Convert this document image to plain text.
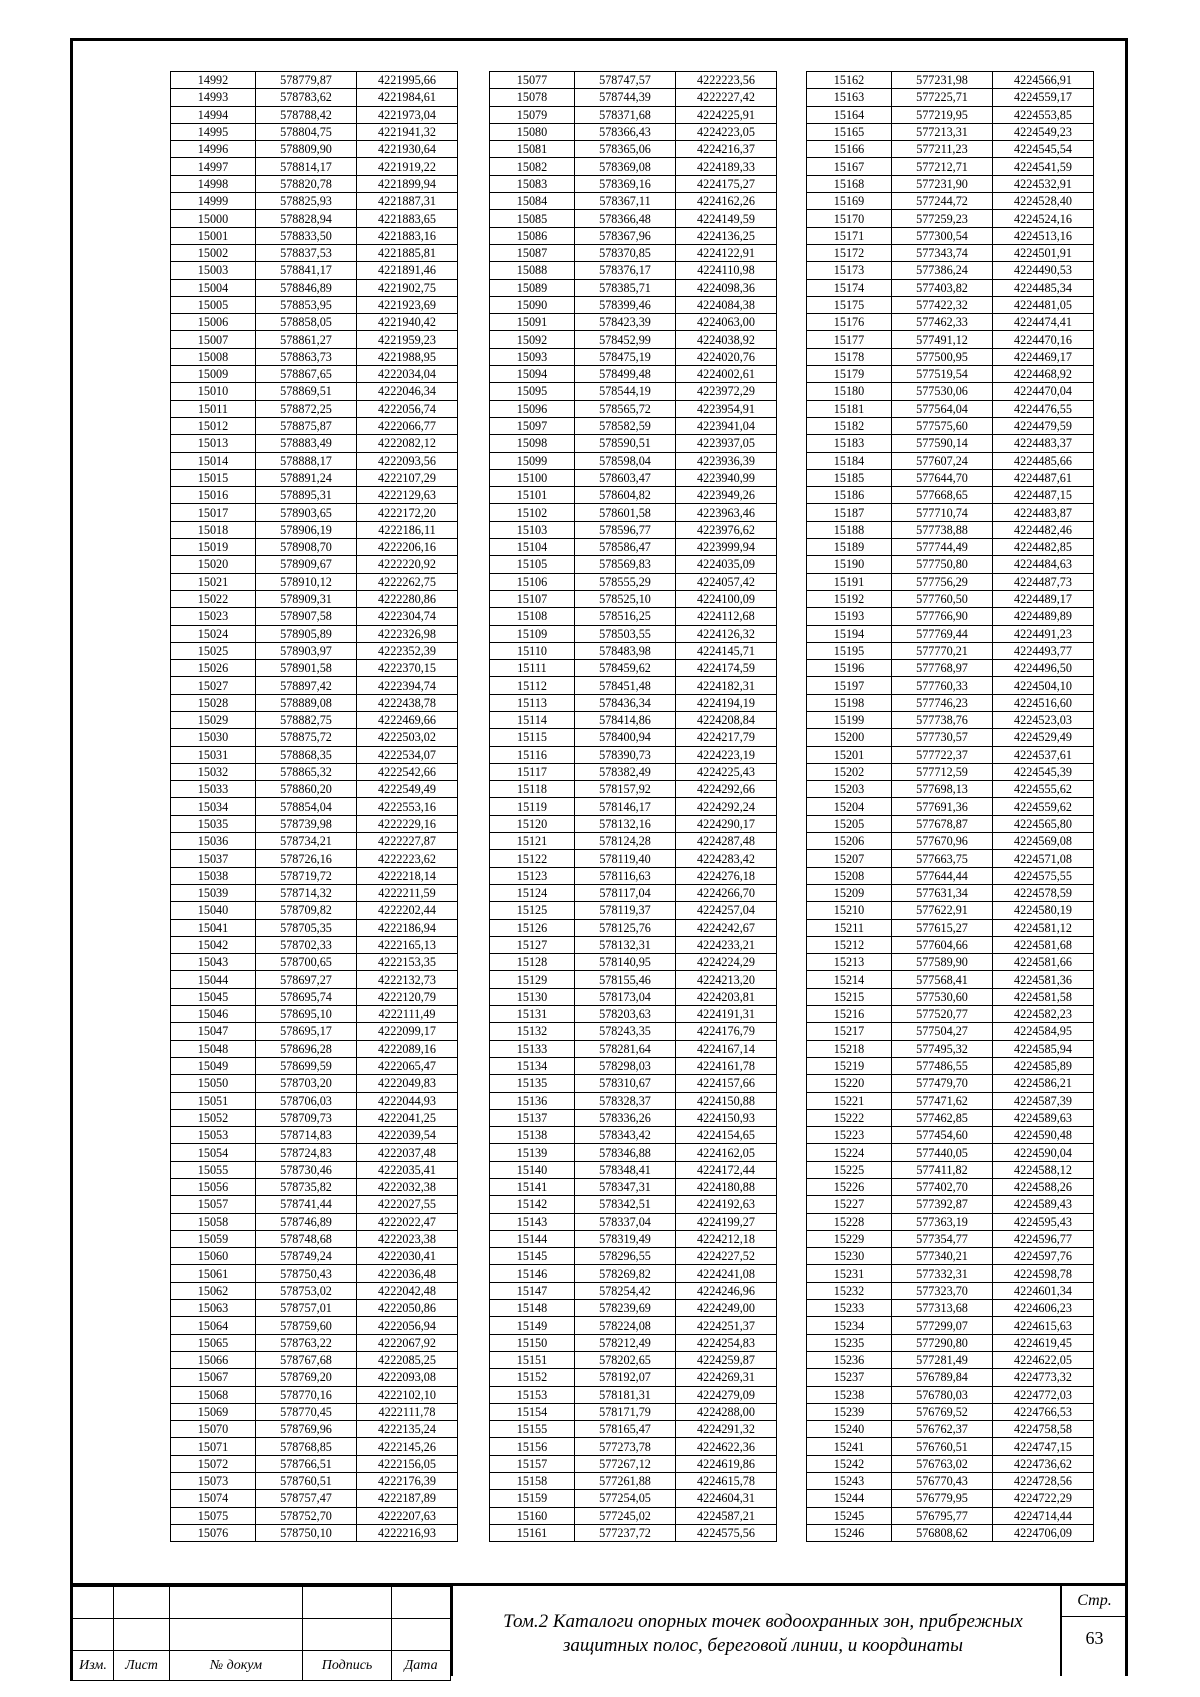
14992	578779,87	4221995,66
14993	578783,62	4221984,61
14994	578788,42	4221973,04
14995	578804,75	4221941,32
14996	578809,90	4221930,64
14997	578814,17	4221919,22
14998	578820,78	4221899,94
14999	578825,93	4221887,31
15000	578828,94	4221883,65
15001	578833,50	4221883,16
15002	578837,53	4221885,81
15003	578841,17	4221891,46
15004	578846,89	4221902,75
15005	578853,95	4221923,69
15006	578858,05	4221940,42
15007	578861,27	4221959,23
15008	578863,73	4221988,95
15009	578867,65	4222034,04
15010	578869,51	4222046,34
15011	578872,25	4222056,74
15012	578875,87	4222066,77
15013	578883,49	4222082,12
15014	578888,17	4222093,56
15015	578891,24	4222107,29
15016	578895,31	4222129,63
15017	578903,65	4222172,20
15018	578906,19	4222186,11
15019	578908,70	4222206,16
15020	578909,67	4222220,92
15021	578910,12	4222262,75
15022	578909,31	4222280,86
15023	578907,58	4222304,74
15024	578905,89	4222326,98
15025	578903,97	4222352,39
15026	578901,58	4222370,15
15027	578897,42	4222394,74
15028	578889,08	4222438,78
15029	578882,75	4222469,66
15030	578875,72	4222503,02
15031	578868,35	4222534,07
15032	578865,32	4222542,66
15033	578860,20	4222549,49
15034	578854,04	4222553,16
15035	578739,98	4222229,16
15036	578734,21	4222227,87
15037	578726,16	4222223,62
15038	578719,72	4222218,14
15039	578714,32	4222211,59
15040	578709,82	4222202,44
15041	578705,35	4222186,94
15042	578702,33	4222165,13
15043	578700,65	4222153,35
15044	578697,27	4222132,73
15045	578695,74	4222120,79
15046	578695,10	4222111,49
15047	578695,17	4222099,17
15048	578696,28	4222089,16
15049	578699,59	4222065,47
15050	578703,20	4222049,83
15051	578706,03	4222044,93
15052	578709,73	4222041,25
15053	578714,83	4222039,54
15054	578724,83	4222037,48
15055	578730,46	4222035,41
15056	578735,82	4222032,38
15057	578741,44	4222027,55
15058	578746,89	4222022,47
15059	578748,68	4222023,38
15060	578749,24	4222030,41
15061	578750,43	4222036,48
15062	578753,02	4222042,48
15063	578757,01	4222050,86
15064	578759,60	4222056,94
15065	578763,22	4222067,92
15066	578767,68	4222085,25
15067	578769,20	4222093,08
15068	578770,16	4222102,10
15069	578770,45	4222111,78
15070	578769,96	4222135,24
15071	578768,85	4222145,26
15072	578766,51	4222156,05
15073	578760,51	4222176,39
15074	578757,47	4222187,89
15075	578752,70	4222207,63
15076	578750,10	4222216,93
15077	578747,57	4222223,56
15078	578744,39	4222227,42
15079	578371,68	4224225,91
15080	578366,43	4224223,05
15081	578365,06	4224216,37
15082	578369,08	4224189,33
15083	578369,16	4224175,27
15084	578367,11	4224162,26
15085	578366,48	4224149,59
15086	578367,96	4224136,25
15087	578370,85	4224122,91
15088	578376,17	4224110,98
15089	578385,71	4224098,36
15090	578399,46	4224084,38
15091	578423,39	4224063,00
15092	578452,99	4224038,92
15093	578475,19	4224020,76
15094	578499,48	4224002,61
15095	578544,19	4223972,29
15096	578565,72	4223954,91
15097	578582,59	4223941,04
15098	578590,51	4223937,05
15099	578598,04	4223936,39
15100	578603,47	4223940,99
15101	578604,82	4223949,26
15102	578601,58	4223963,46
15103	578596,77	4223976,62
15104	578586,47	4223999,94
15105	578569,83	4224035,09
15106	578555,29	4224057,42
15107	578525,10	4224100,09
15108	578516,25	4224112,68
15109	578503,55	4224126,32
15110	578483,98	4224145,71
15111	578459,62	4224174,59
15112	578451,48	4224182,31
15113	578436,34	4224194,19
15114	578414,86	4224208,84
15115	578400,94	4224217,79
15116	578390,73	4224223,19
15117	578382,49	4224225,43
15118	578157,92	4224292,66
15119	578146,17	4224292,24
15120	578132,16	4224290,17
15121	578124,28	4224287,48
15122	578119,40	4224283,42
15123	578116,63	4224276,18
15124	578117,04	4224266,70
15125	578119,37	4224257,04
15126	578125,76	4224242,67
15127	578132,31	4224233,21
15128	578140,95	4224224,29
15129	578155,46	4224213,20
15130	578173,04	4224203,81
15131	578203,63	4224191,31
15132	578243,35	4224176,79
15133	578281,64	4224167,14
15134	578298,03	4224161,78
15135	578310,67	4224157,66
15136	578328,37	4224150,88
15137	578336,26	4224150,93
15138	578343,42	4224154,65
15139	578346,88	4224162,05
15140	578348,41	4224172,44
15141	578347,31	4224180,88
15142	578342,51	4224192,63
15143	578337,04	4224199,27
15144	578319,49	4224212,18
15145	578296,55	4224227,52
15146	578269,82	4224241,08
15147	578254,42	4224246,96
15148	578239,69	4224249,00
15149	578224,08	4224251,37
15150	578212,49	4224254,83
15151	578202,65	4224259,87
15152	578192,07	4224269,31
15153	578181,31	4224279,09
15154	578171,79	4224288,00
15155	578165,47	4224291,32
15156	577273,78	4224622,36
15157	577267,12	4224619,86
15158	577261,88	4224615,78
15159	577254,05	4224604,31
15160	577245,02	4224587,21
15161	577237,72	4224575,56
15162	577231,98	4224566,91
15163	577225,71	4224559,17
15164	577219,95	4224553,85
15165	577213,31	4224549,23
15166	577211,23	4224545,54
15167	577212,71	4224541,59
15168	577231,90	4224532,91
15169	577244,72	4224528,40
15170	577259,23	4224524,16
15171	577300,54	4224513,16
15172	577343,74	4224501,91
15173	577386,24	4224490,53
15174	577403,82	4224485,34
15175	577422,32	4224481,05
15176	577462,33	4224474,41
15177	577491,12	4224470,16
15178	577500,95	4224469,17
15179	577519,54	4224468,92
15180	577530,06	4224470,04
15181	577564,04	4224476,55
15182	577575,60	4224479,59
15183	577590,14	4224483,37
15184	577607,24	4224485,66
15185	577644,70	4224487,61
15186	577668,65	4224487,15
15187	577710,74	4224483,87
15188	577738,88	4224482,46
15189	577744,49	4224482,85
15190	577750,80	4224484,63
15191	577756,29	4224487,73
15192	577760,50	4224489,17
15193	577766,90	4224489,89
15194	577769,44	4224491,23
15195	577770,21	4224493,77
15196	577768,97	4224496,50
15197	577760,33	4224504,10
15198	577746,23	4224516,60
15199	577738,76	4224523,03
15200	577730,57	4224529,49
15201	577722,37	4224537,61
15202	577712,59	4224545,39
15203	577698,13	4224555,62
15204	577691,36	4224559,62
15205	577678,87	4224565,80
15206	577670,96	4224569,08
15207	577663,75	4224571,08
15208	577644,44	4224575,55
15209	577631,34	4224578,59
15210	577622,91	4224580,19
15211	577615,27	4224581,12
15212	577604,66	4224581,68
15213	577589,90	4224581,66
15214	577568,41	4224581,36
15215	577530,60	4224581,58
15216	577520,77	4224582,23
15217	577504,27	4224584,95
15218	577495,32	4224585,94
15219	577486,55	4224585,89
15220	577479,70	4224586,21
15221	577471,62	4224587,39
15222	577462,85	4224589,63
15223	577454,60	4224590,48
15224	577440,05	4224590,04
15225	577411,82	4224588,12
15226	577402,70	4224588,26
15227	577392,87	4224589,43
15228	577363,19	4224595,43
15229	577354,77	4224596,77
15230	577340,21	4224597,76
15231	577332,31	4224598,78
15232	577323,70	4224601,34
15233	577313,68	4224606,23
15234	577299,07	4224615,63
15235	577290,80	4224619,45
15236	577281,49	4224622,05
15237	576789,84	4224773,32
15238	576780,03	4224772,03
15239	576769,52	4224766,53
15240	576762,37	4224758,58
15241	576760,51	4224747,15
15242	576763,02	4224736,62
15243	576770,43	4224728,56
15244	576779,95	4224722,29
15245	576795,77	4224714,44
15246	576808,62	4224706,09

Изм.	Лист	№ докум	Подпись	Дата
Том.2 Каталоги опорных точек водоохранных зон, прибрежных защитных полос, береговой линии, и координаты
Стр.
63
